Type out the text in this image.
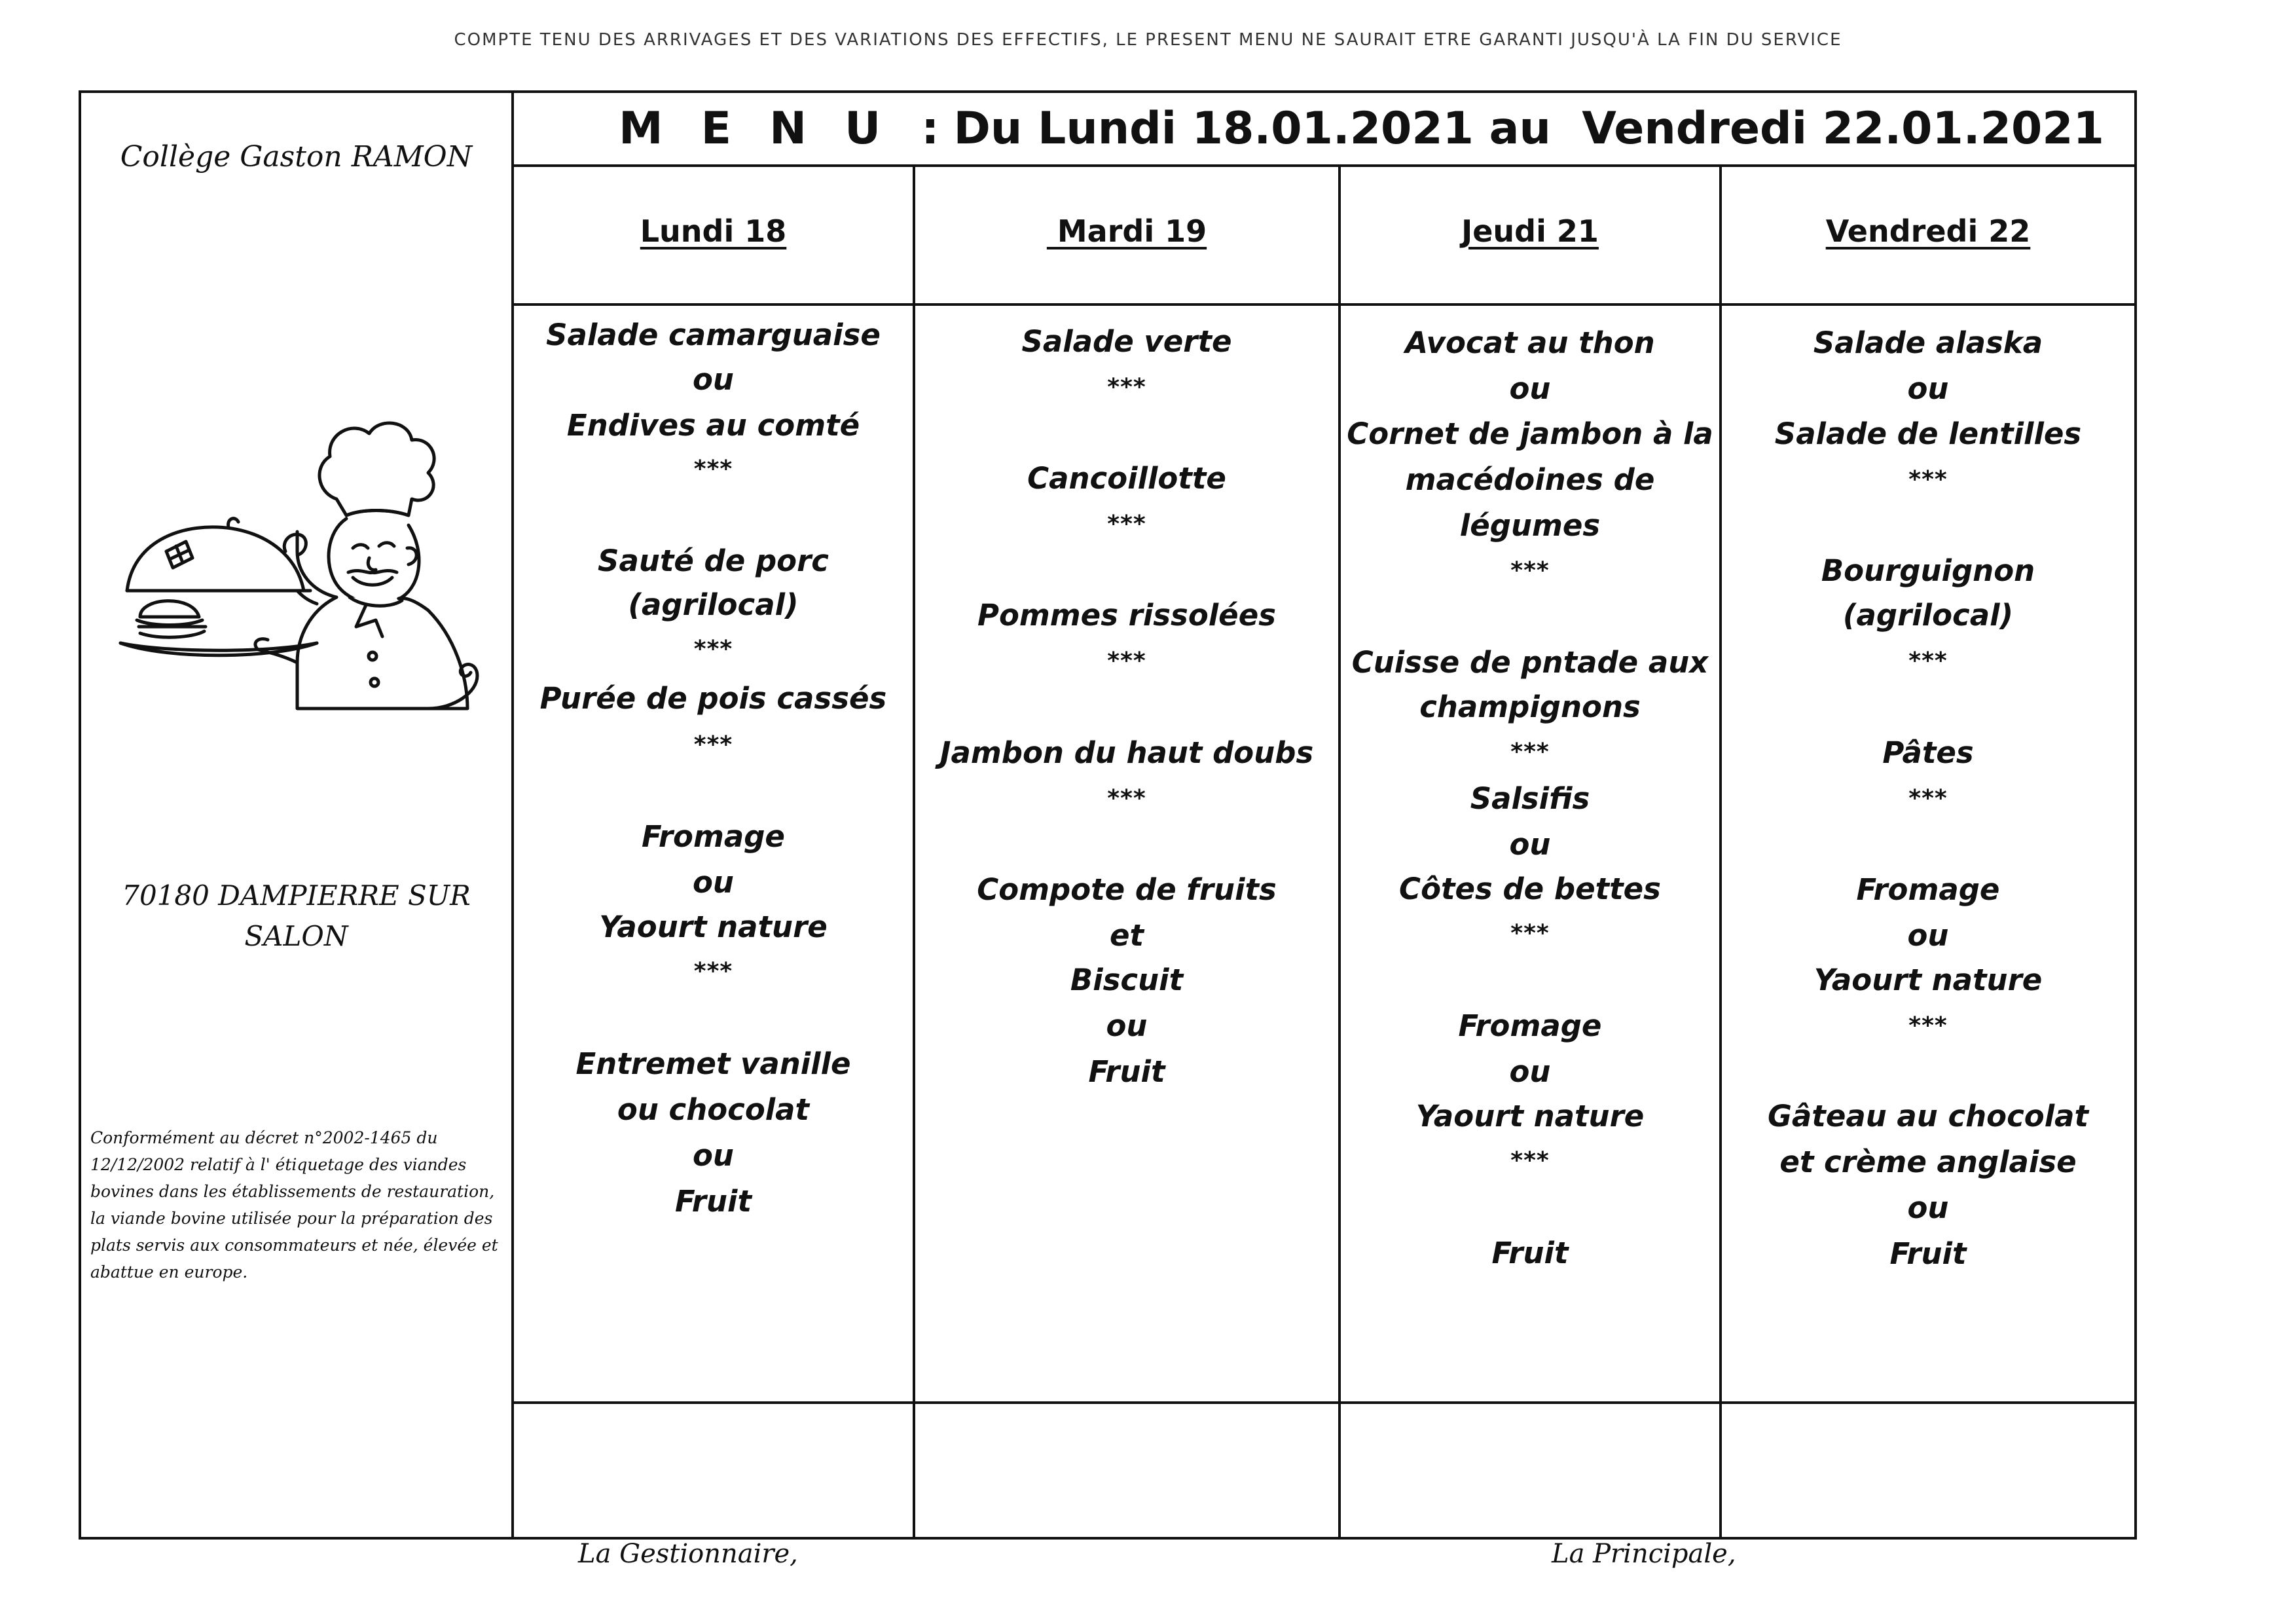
COMPTE TENU DES ARRIVAGES ET DES VARIATIONS DES EFFECTIFS, LE PRESENT MENU NE SAURAIT ETRE GARANTI JUSQU'À LA FIN DU SERVICE
Collège Gaston RAMON
70180 DAMPIERRE SUR
SALON
Conformément au décret n°2002-1465 du 12/12/2002 relatif à l' étiquetage des viandes bovines dans les établissements de restauration, la viande bovine utilisée pour la préparation des plats servis aux consommateurs et née, élevée et abattue en europe.
MENU : Du Lundi 18.01.2021 au  Vendredi 22.01.2021
Lundi 18
Salade camarguaise
ou
Endives au comté
***
Sauté de porc
(agrilocal)
***
Purée de pois cassés
***
Fromage
ou
Yaourt nature
***
Entremet vanille
ou chocolat
ou
Fruit
Mardi 19
Salade verte
***
Cancoillotte
***
Pommes rissolées
***
Jambon du haut doubs
***
Compote de fruits
et
Biscuit
ou
Fruit
Jeudi 21
Avocat au thon
ou
Cornet de jambon à la
macédoines de
légumes
***
Cuisse de pntade aux
champignons
***
Salsifis
ou
Côtes de bettes
***
Fromage
ou
Yaourt nature
***
Fruit
Vendredi 22
Salade alaska
ou
Salade de lentilles
***
Bourguignon
(agrilocal)
***
Pâtes
***
Fromage
ou
Yaourt nature
***
Gâteau au chocolat
et crème anglaise
ou
Fruit
La Gestionnaire,	La Principale,
